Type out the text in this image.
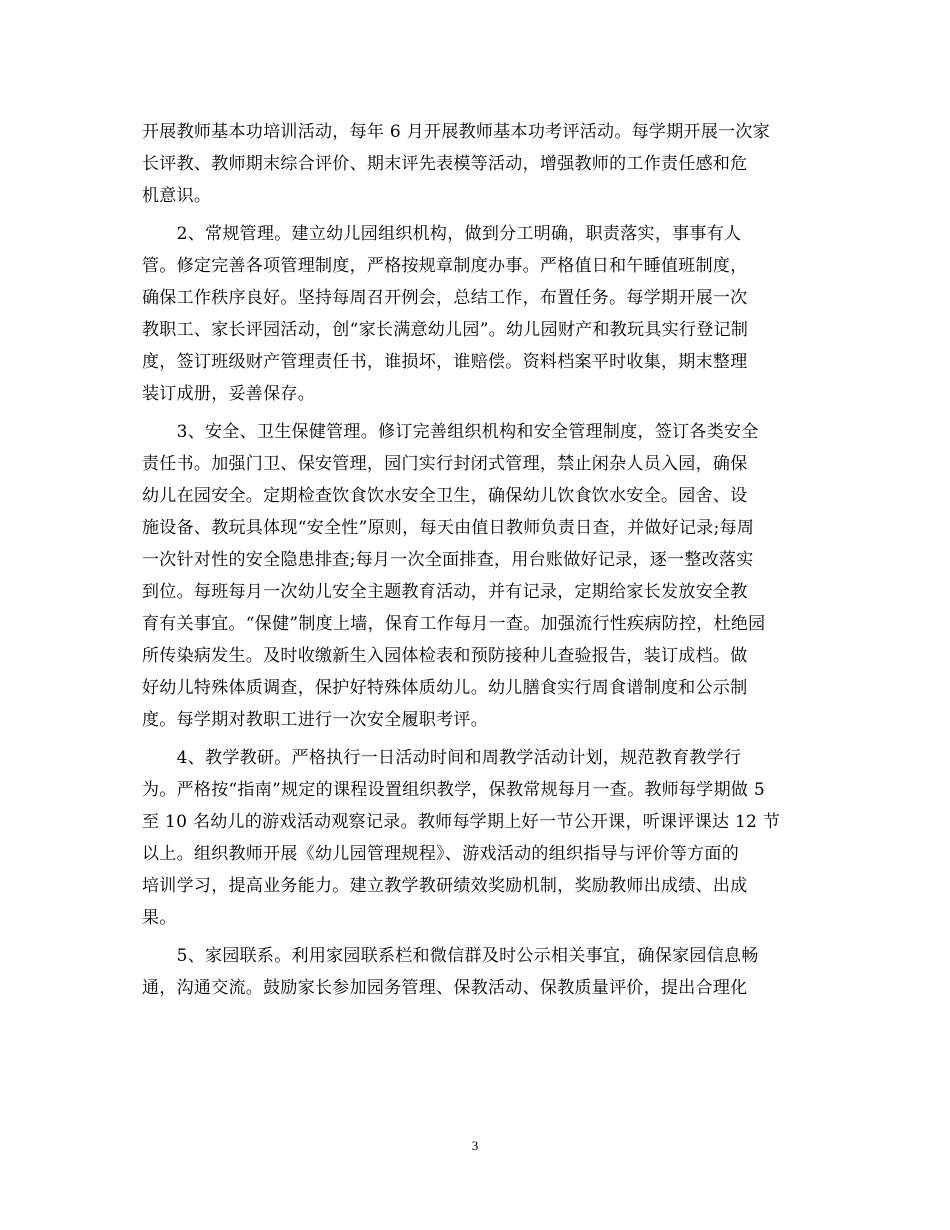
开展教师基本功培训活动，每年 6 月开展教师基本功考评活动。每学期开展一次家
长评教、教师期末综合评价、期末评先表模等活动，增强教师的工作责任感和危
机意识。
　　2、常规管理。建立幼儿园组织机构，做到分工明确，职责落实，事事有人
管。修定完善各项管理制度，严格按规章制度办事。严格值日和午睡值班制度，
确保工作秩序良好。坚持每周召开例会，总结工作，布置任务。每学期开展一次
教职工、家长评园活动，创“家长满意幼儿园”。幼儿园财产和教玩具实行登记制
度，签订班级财产管理责任书，谁损坏，谁赔偿。资料档案平时收集，期末整理
装订成册，妥善保存。
　　3、安全、卫生保健管理。修订完善组织机构和安全管理制度，签订各类安全
责任书。加强门卫、保安管理，园门实行封闭式管理，禁止闲杂人员入园，确保
幼儿在园安全。定期检查饮食饮水安全卫生，确保幼儿饮食饮水安全。园舍、设
施设备、教玩具体现“安全性”原则，每天由值日教师负责日查，并做好记录;每周
一次针对性的安全隐患排查;每月一次全面排查，用台账做好记录，逐一整改落实
到位。每班每月一次幼儿安全主题教育活动，并有记录，定期给家长发放安全教
育有关事宜。“保健”制度上墙，保育工作每月一查。加强流行性疾病防控，杜绝园
所传染病发生。及时收缴新生入园体检表和预防接种儿查验报告，装订成档。做
好幼儿特殊体质调查，保护好特殊体质幼儿。幼儿膳食实行周食谱制度和公示制
度。每学期对教职工进行一次安全履职考评。
　　4、教学教研。严格执行一日活动时间和周教学活动计划，规范教育教学行
为。严格按“指南”规定的课程设置组织教学，保教常规每月一查。教师每学期做 5
至 10 名幼儿的游戏活动观察记录。教师每学期上好一节公开课，听课评课达 12 节
以上。组织教师开展《幼儿园管理规程》、游戏活动的组织指导与评价等方面的
培训学习，提高业务能力。建立教学教研绩效奖励机制，奖励教师出成绩、出成
果。
　　5、家园联系。利用家园联系栏和微信群及时公示相关事宜，确保家园信息畅
通，沟通交流。鼓励家长参加园务管理、保教活动、保教质量评价，提出合理化
3
